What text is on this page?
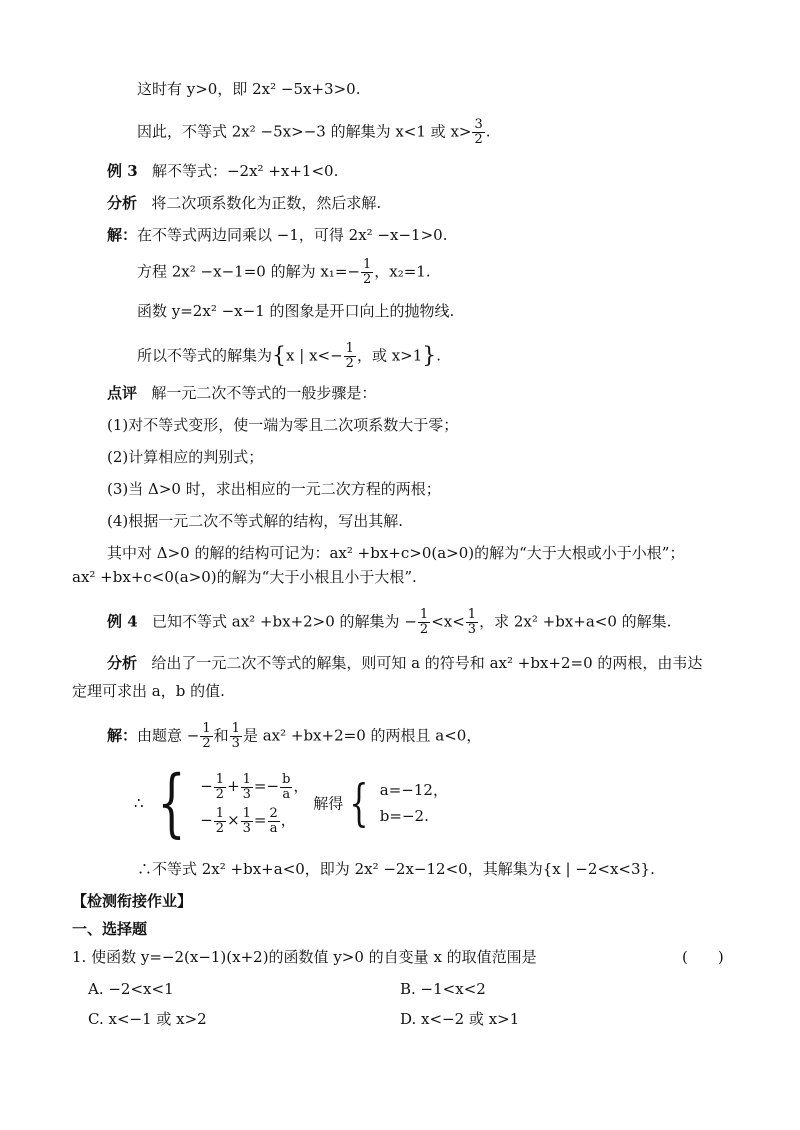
这时有 y>0，即 2x² −5x+3>0.
因此，不等式 2x² −5x>−3 的解集为 x<1 或 $x> \frac{3}{2}$ .
例 3 解不等式：−2x² +x+1<0.
分析 将二次项系数化为正数，然后求解.
解：在不等式两边同乘以 −1，可得 2x² −x−1>0.
方程 2x² −x−1=0 的解为 $x_1=- \frac{1}{2}$ ，x₂=1.
函数 y=2x² −x−1 的图象是开口向上的抛物线.
所以不等式的解集为{x | $x<- \frac{1}{2}$ ，或 x>1}.
点评 解一元二次不等式的一般步骤是：
(1)对不等式变形，使一端为零且二次项系数大于零；
(2)计算相应的判别式；
(3)当 Δ>0 时，求出相应的一元二次方程的两根；
(4)根据一元二次不等式解的结构，写出其解.
其中对 Δ>0 的解的结构可记为：ax² +bx+c>0(a>0)的解为“大于大根或小于小根”；
ax² +bx+c<0(a>0)的解为“大于小根且小于大根”.
例 4 已知不等式 ax² +bx+2>0 的解集为 − $\frac{1}{2} <x< \frac{1}{3}$ ，求 2x² +bx+a<0 的解集.
分析 给出了一元二次不等式的解集，则可知 a 的符号和 ax² +bx+2=0 的两根，由韦达
定理可求出 a，b 的值.
解：由题意 − $\frac{1}{2}$ 和 $\frac{1}{3}$ 是 ax² +bx+2=0 的两根且 a<0，
∴ { − $\frac{1}{2} + \frac{1}{3} =- \frac{b}{a}$ ，
− $\frac{1}{2} \times \frac{1}{3} = \frac{2}{a}$ ，
解得 { a=−12，
b=−2.
∴不等式 2x² +bx+a<0，即为 2x² −2x−12<0，其解集为{x | −2<x<3}.
【检测衔接作业】
一、选择题
1. 使函数 y=−2(x−1)(x+2)的函数值 y>0 的自变量 x 的取值范围是	(　　)
A. −2<x<1	B. −1<x<2
C. x<−1 或 x>2	D. x<−2 或 x>1
